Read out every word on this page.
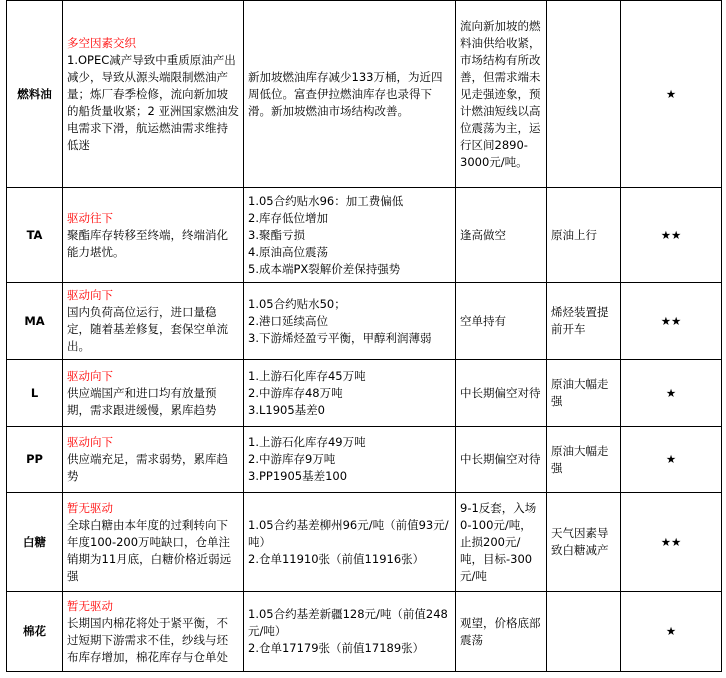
燃料油	多空因素交织
1.OPEC减产导致中重质原油产出减少，导致从源头端限制燃油产量；炼厂春季检修，流向新加坡的船货量收紧；2 亚洲国家燃油发电需求下滑，航运燃油需求维持低迷	新加坡燃油库存减少133万桶，为近四周低位。富查伊拉燃油库存也录得下滑。新加坡燃油市场结构改善。	流向新加坡的燃料油供给收紧，市场结构有所改善，但需求端未见走强迹象，预计燃油短线以高位震荡为主，运行区间2890-3000元/吨。		★
TA	驱动往下
聚酯库存转移至终端，终端消化能力堪忧。	1.05合约贴水96：加工费偏低
2.库存低位增加
3.聚酯亏损
4.原油高位震荡
5.成本端PX裂解价差保持强势	逢高做空	原油上行	★★
MA	驱动向下
国内负荷高位运行，进口量稳定，随着基差修复，套保空单流出。	1.05合约贴水50；
2.港口延续高位
3.下游烯烃盈亏平衡，甲醇利润薄弱	空单持有	烯烃装置提前开车	★★
L	驱动向下
供应端国产和进口均有放量预期，需求跟进缓慢，累库趋势	1.上游石化库存45万吨
2.中游库存48万吨
3.L1905基差0	中长期偏空对待	原油大幅走强	★
PP	驱动向下
供应端充足，需求弱势，累库趋势	1.上游石化库存49万吨
2.中游库存9万吨
3.PP1905基差100	中长期偏空对待	原油大幅走强	★
白糖	暂无驱动
全球白糖由本年度的过剩转向下年度100-200万吨缺口，仓单注销期为11月底，白糖价格近弱远强	1.05合约基差柳州96元/吨（前值93元/吨）
2.仓单11910张（前值11916张）	9-1反套，入场0-100元/吨，止损200元/吨，目标-300元/吨	天气因素导致白糖减产	★★
棉花	暂无驱动
长期国内棉花将处于紧平衡，不过短期下游需求不佳，纱线与坯布库存增加，棉花库存与仓单处	1.05合约基差新疆128元/吨（前值248元/吨）
2.仓单17179张（前值17189张）	观望，价格底部震荡		★
